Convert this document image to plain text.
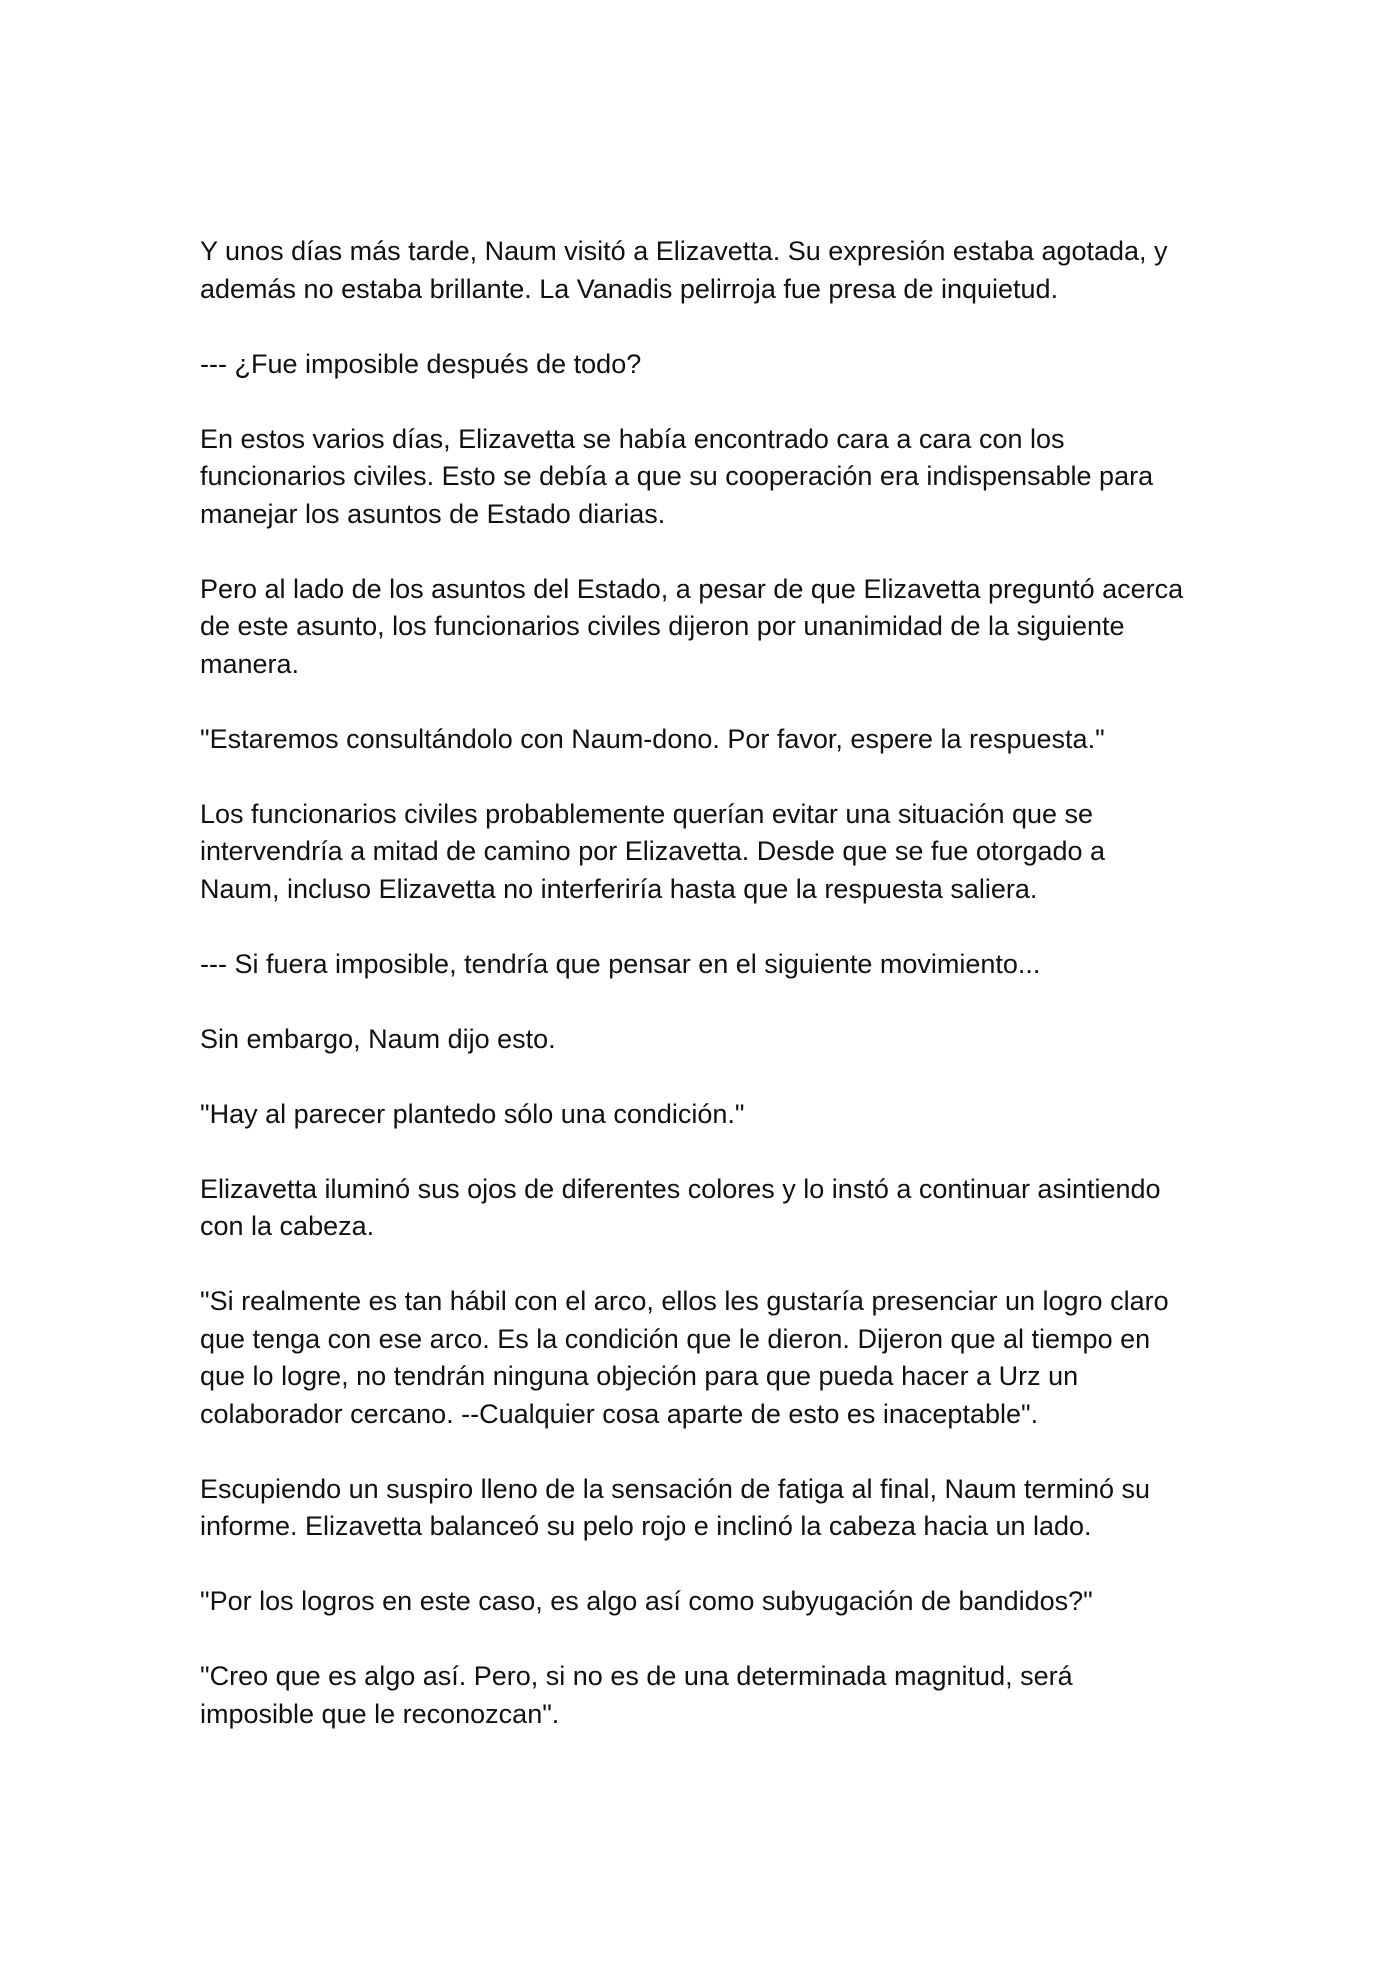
Y unos días más tarde, Naum visitó a Elizavetta. Su expresión estaba agotada, y
además no estaba brillante. La Vanadis pelirroja fue presa de inquietud.

--- ¿Fue imposible después de todo?

En estos varios días, Elizavetta se había encontrado cara a cara con los
funcionarios civiles. Esto se debía a que su cooperación era indispensable para
manejar los asuntos de Estado diarias.

Pero al lado de los asuntos del Estado, a pesar de que Elizavetta preguntó acerca
de este asunto, los funcionarios civiles dijeron por unanimidad de la siguiente
manera.

"Estaremos consultándolo con Naum-dono. Por favor, espere la respuesta."

Los funcionarios civiles probablemente querían evitar una situación que se
intervendría a mitad de camino por Elizavetta. Desde que se fue otorgado a
Naum, incluso Elizavetta no interferiría hasta que la respuesta saliera.

--- Si fuera imposible, tendría que pensar en el siguiente movimiento...

Sin embargo, Naum dijo esto.

"Hay al parecer plantedo sólo una condición."

Elizavetta iluminó sus ojos de diferentes colores y lo instó a continuar asintiendo
con la cabeza.

"Si realmente es tan hábil con el arco, ellos les gustaría presenciar un logro claro
que tenga con ese arco. Es la condición que le dieron. Dijeron que al tiempo en
que lo logre, no tendrán ninguna objeción para que pueda hacer a Urz un
colaborador cercano. --Cualquier cosa aparte de esto es inaceptable".

Escupiendo un suspiro lleno de la sensación de fatiga al final, Naum terminó su
informe. Elizavetta balanceó su pelo rojo e inclinó la cabeza hacia un lado.

"Por los logros en este caso, es algo así como subyugación de bandidos?"

"Creo que es algo así. Pero, si no es de una determinada magnitud, será
imposible que le reconozcan".
